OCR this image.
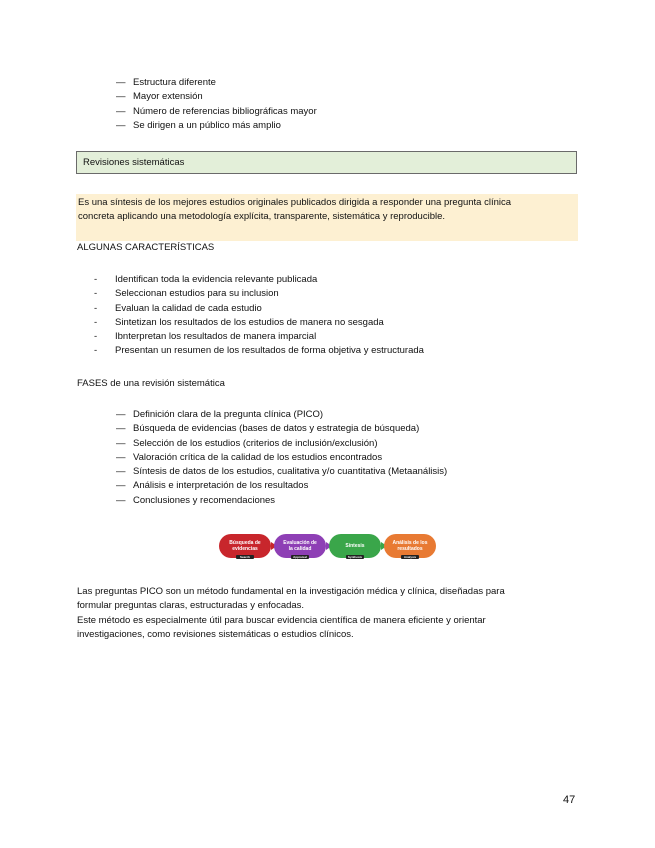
— Estructura diferente
— Mayor extensión
— Número de referencias bibliográficas mayor
— Se dirigen a un público más amplio
Revisiones sistemáticas
Es una síntesis de los mejores estudios originales publicados dirigida a responder una pregunta clínica
concreta aplicando una metodología explícita, transparente, sistemática y reproducible.
ALGUNAS CARACTERÍSTICAS
- Identifican toda la evidencia relevante publicada
- Seleccionan estudios para su inclusion
- Evaluan la calidad de cada estudio
- Sintetizan los resultados de los estudios de manera no sesgada
- Ibnterpretan los resultados de manera imparcial
- Presentan un resumen de los resultados de forma objetiva y estructurada
FASES de una revisión sistemática
— Definición clara de la pregunta clínica (PICO)
— Búsqueda de evidencias (bases de datos y estrategia de búsqueda)
— Selección de los estudios (criterios de inclusión/exclusión)
— Valoración crítica de la calidad de los estudios encontrados
— Síntesis de datos de los estudios, cualitativa y/o cuantitativa (Metaanálisis)
— Análisis e interpretación de los resultados
— Conclusiones y recomendaciones
Búsqueda de
evidencias
Search
Evaluación de
la calidad
Appraisal
Síntesis
Synthesis
Análisis de los
resultados
Analysis
Las preguntas PICO son un método fundamental en la investigación médica y clínica, diseñadas para
formular preguntas claras, estructuradas y enfocadas.
Este método es especialmente útil para buscar evidencia científica de manera eficiente y orientar
investigaciones, como revisiones sistemáticas o estudios clínicos.
47
